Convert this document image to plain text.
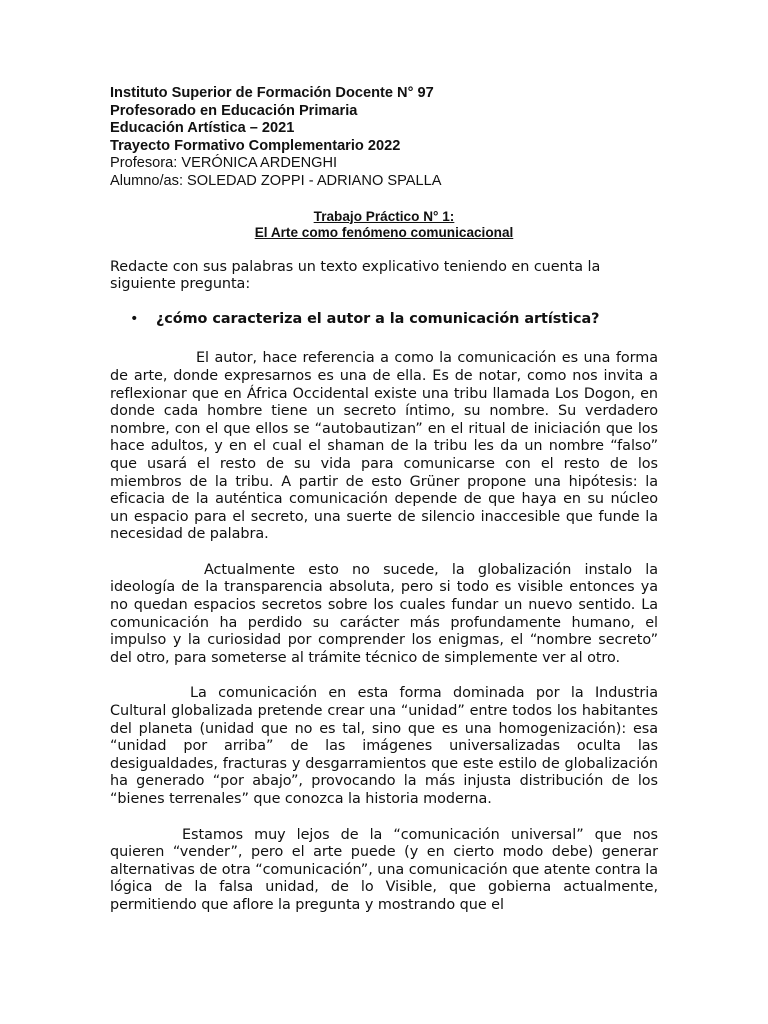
Instituto Superior de Formación Docente N° 97
Profesorado en Educación Primaria
Educación Artística – 2021
Trayecto Formativo Complementario 2022
Profesora: VERÓNICA ARDENGHI
Alumno/as: SOLEDAD ZOPPI - ADRIANO SPALLA
Trabajo Práctico N° 1:
El Arte como fenómeno comunicacional
Redacte con sus palabras un texto explicativo teniendo en cuenta la siguiente pregunta:
• ¿cómo caracteriza el autor a la comunicación artística?
El autor, hace referencia a como la comunicación es una forma de arte, donde expresarnos es una de ella. Es de notar, como nos invita a reflexionar que en África Occidental existe una tribu llamada Los Dogon, en donde cada hombre tiene un secreto íntimo, su nombre. Su verdadero nombre, con el que ellos se “autobautizan” en el ritual de iniciación que los hace adultos, y en el cual el shaman de la tribu les da un nombre “falso” que usará el resto de su vida para comunicarse con el resto de los miembros de la tribu. A partir de esto Grüner propone una hipótesis: la eficacia de la auténtica comunicación depende de que haya en su núcleo un espacio para el secreto, una suerte de silencio inaccesible que funde la necesidad de palabra.
Actualmente esto no sucede, la globalización instalo la ideología de la transparencia absoluta, pero si todo es visible entonces ya no quedan espacios secretos sobre los cuales fundar un nuevo sentido. La comunicación ha perdido su carácter más profundamente humano, el impulso y la curiosidad por comprender los enigmas, el “nombre secreto” del otro, para someterse al trámite técnico de simplemente ver al otro.
La comunicación en esta forma dominada por la Industria Cultural globalizada pretende crear una “unidad” entre todos los habitantes del planeta (unidad que no es tal, sino que es una homogenización): esa “unidad por arriba” de las imágenes universalizadas oculta las desigualdades, fracturas y desgarramientos que este estilo de globalización ha generado “por abajo”, provocando la más injusta distribución de los “bienes terrenales” que conozca la historia moderna.
Estamos muy lejos de la “comunicación universal” que nos quieren “vender”, pero el arte puede (y en cierto modo debe) generar alternativas de otra “comunicación”, una comunicación que atente contra la lógica de la falsa unidad, de lo Visible, que gobierna actualmente, permitiendo que aflore la pregunta y mostrando que el
